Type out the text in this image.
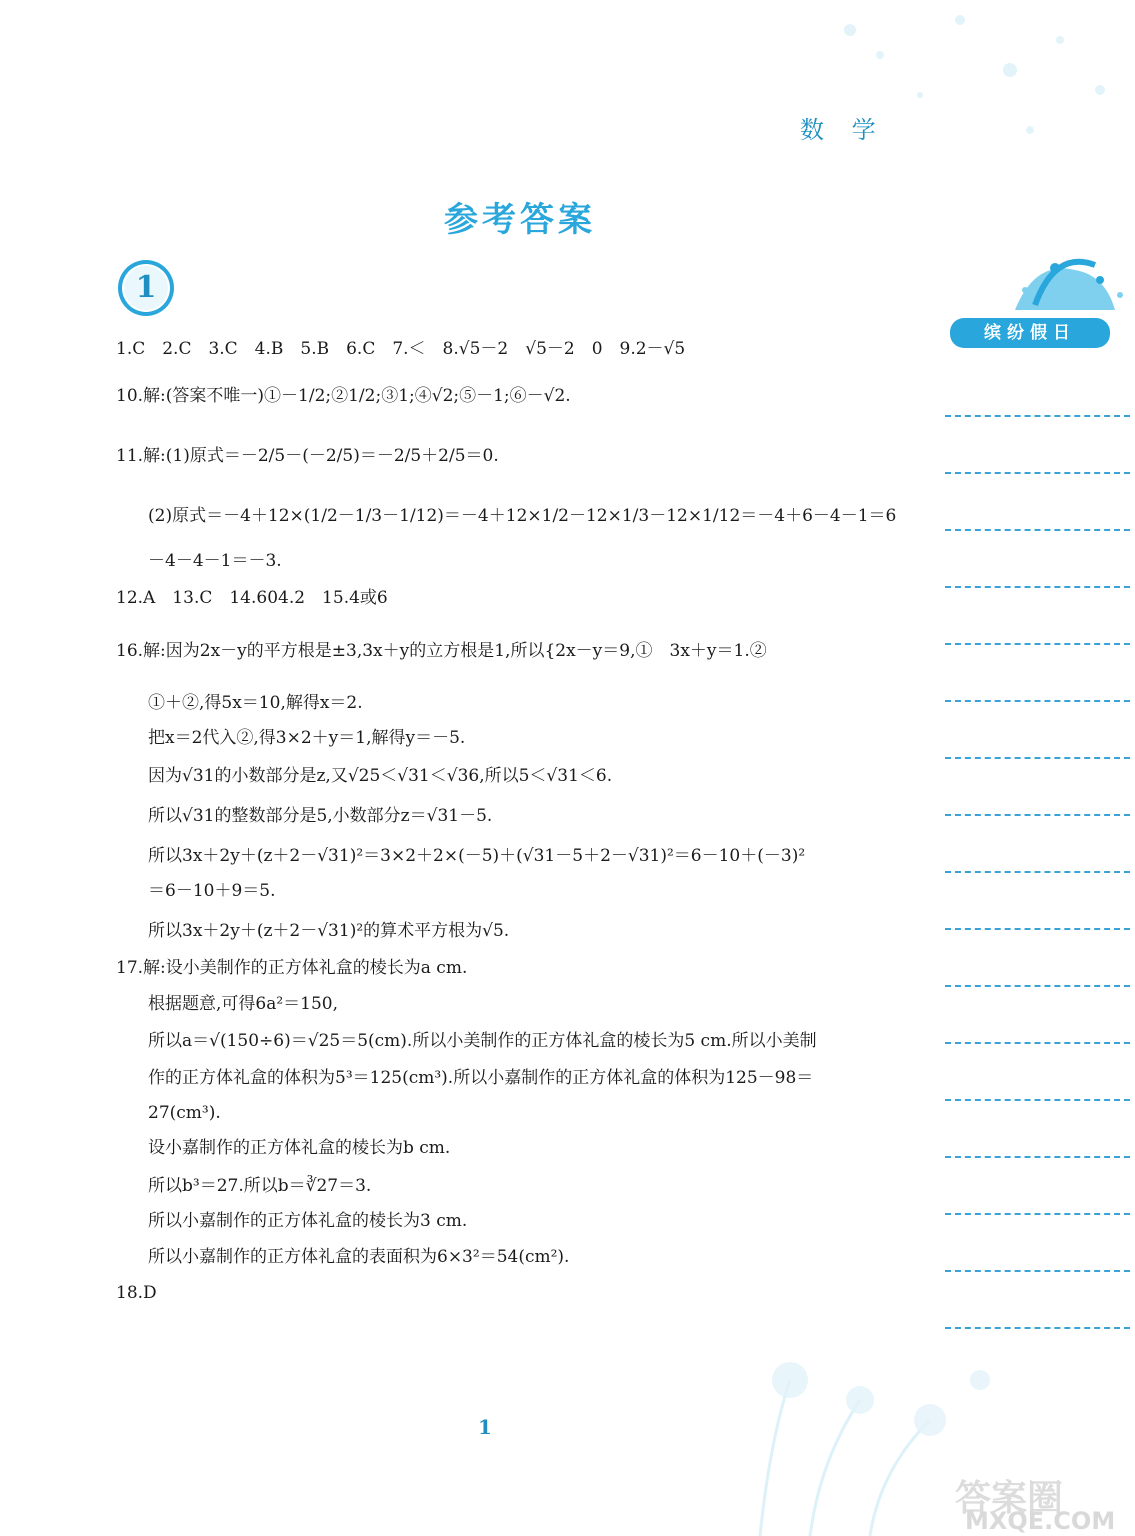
数 学
参考答案
1
缤纷假日
1.C　2.C　3.C　4.B　5.B　6.C　7.＜　8.√5－2　√5－2　0　9.2－√5
10.解:(答案不唯一)①－1/2;②1/2;③1;④√2;⑤－1;⑥－√2.
11.解:(1)原式＝－2/5－(－2/5)＝－2/5＋2/5＝0.
(2)原式＝－4＋12×(1/2－1/3－1/12)＝－4＋12×1/2－12×1/3－12×1/12＝－4＋6－4－1＝6
－4－4－1＝－3.
12.A　13.C　14.604.2　15.4或6
16.解:因为2x－y的平方根是±3,3x＋y的立方根是1,所以{2x－y＝9,①　3x＋y＝1.②
①＋②,得5x＝10,解得x＝2.
把x＝2代入②,得3×2＋y＝1,解得y＝－5.
因为√31的小数部分是z,又√25＜√31＜√36,所以5＜√31＜6.
所以√31的整数部分是5,小数部分z＝√31－5.
所以3x＋2y＋(z＋2－√31)²＝3×2＋2×(－5)＋(√31－5＋2－√31)²＝6－10＋(－3)²
＝6－10＋9＝5.
所以3x＋2y＋(z＋2－√31)²的算术平方根为√5.
17.解:设小美制作的正方体礼盒的棱长为a cm.
根据题意,可得6a²＝150,
所以a＝√(150÷6)＝√25＝5(cm).所以小美制作的正方体礼盒的棱长为5 cm.所以小美制
作的正方体礼盒的体积为5³＝125(cm³).所以小嘉制作的正方体礼盒的体积为125－98＝
27(cm³).
设小嘉制作的正方体礼盒的棱长为b cm.
所以b³＝27.所以b＝∛27＝3.
所以小嘉制作的正方体礼盒的棱长为3 cm.
所以小嘉制作的正方体礼盒的表面积为6×3²＝54(cm²).
18.D
1
答案圈
MXQE.COM
